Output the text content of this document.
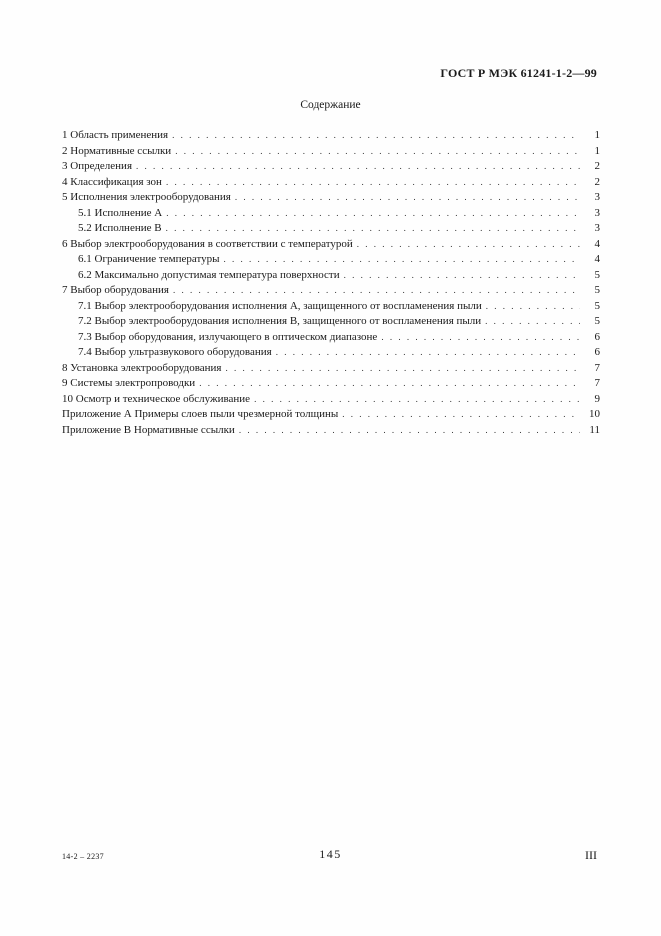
ГОСТ Р МЭК 61241-1-2—99
Содержание
1 Область применения . . .	1
2 Нормативные ссылки . . .	1
3 Определения . . .	2
4 Классификация зон . . .	2
5 Исполнения электрооборудования . . .	3
5.1 Исполнение А . . .	3
5.2 Исполнение В . . .	3
6 Выбор электрооборудования в соответствии с температурой . . .	4
6.1 Ограничение температуры . . .	4
6.2 Максимально допустимая температура поверхности . . .	5
7 Выбор оборудования . . .	5
7.1 Выбор электрооборудования исполнения А, защищенного от воспламенения пыли . . .	5
7.2 Выбор электрооборудования исполнения В, защищенного от воспламенения пыли . . .	5
7.3 Выбор оборудования, излучающего в оптическом диапазоне . . .	6
7.4 Выбор ультразвукового оборудования . . .	6
8 Установка электрооборудования . . .	7
9 Системы электропроводки . . .	7
10 Осмотр и техническое обслуживание . . .	9
Приложение А Примеры слоев пыли чрезмерной толщины . . .	10
Приложение В Нормативные ссылки . . .	11
14-2 – 2237	145	III
